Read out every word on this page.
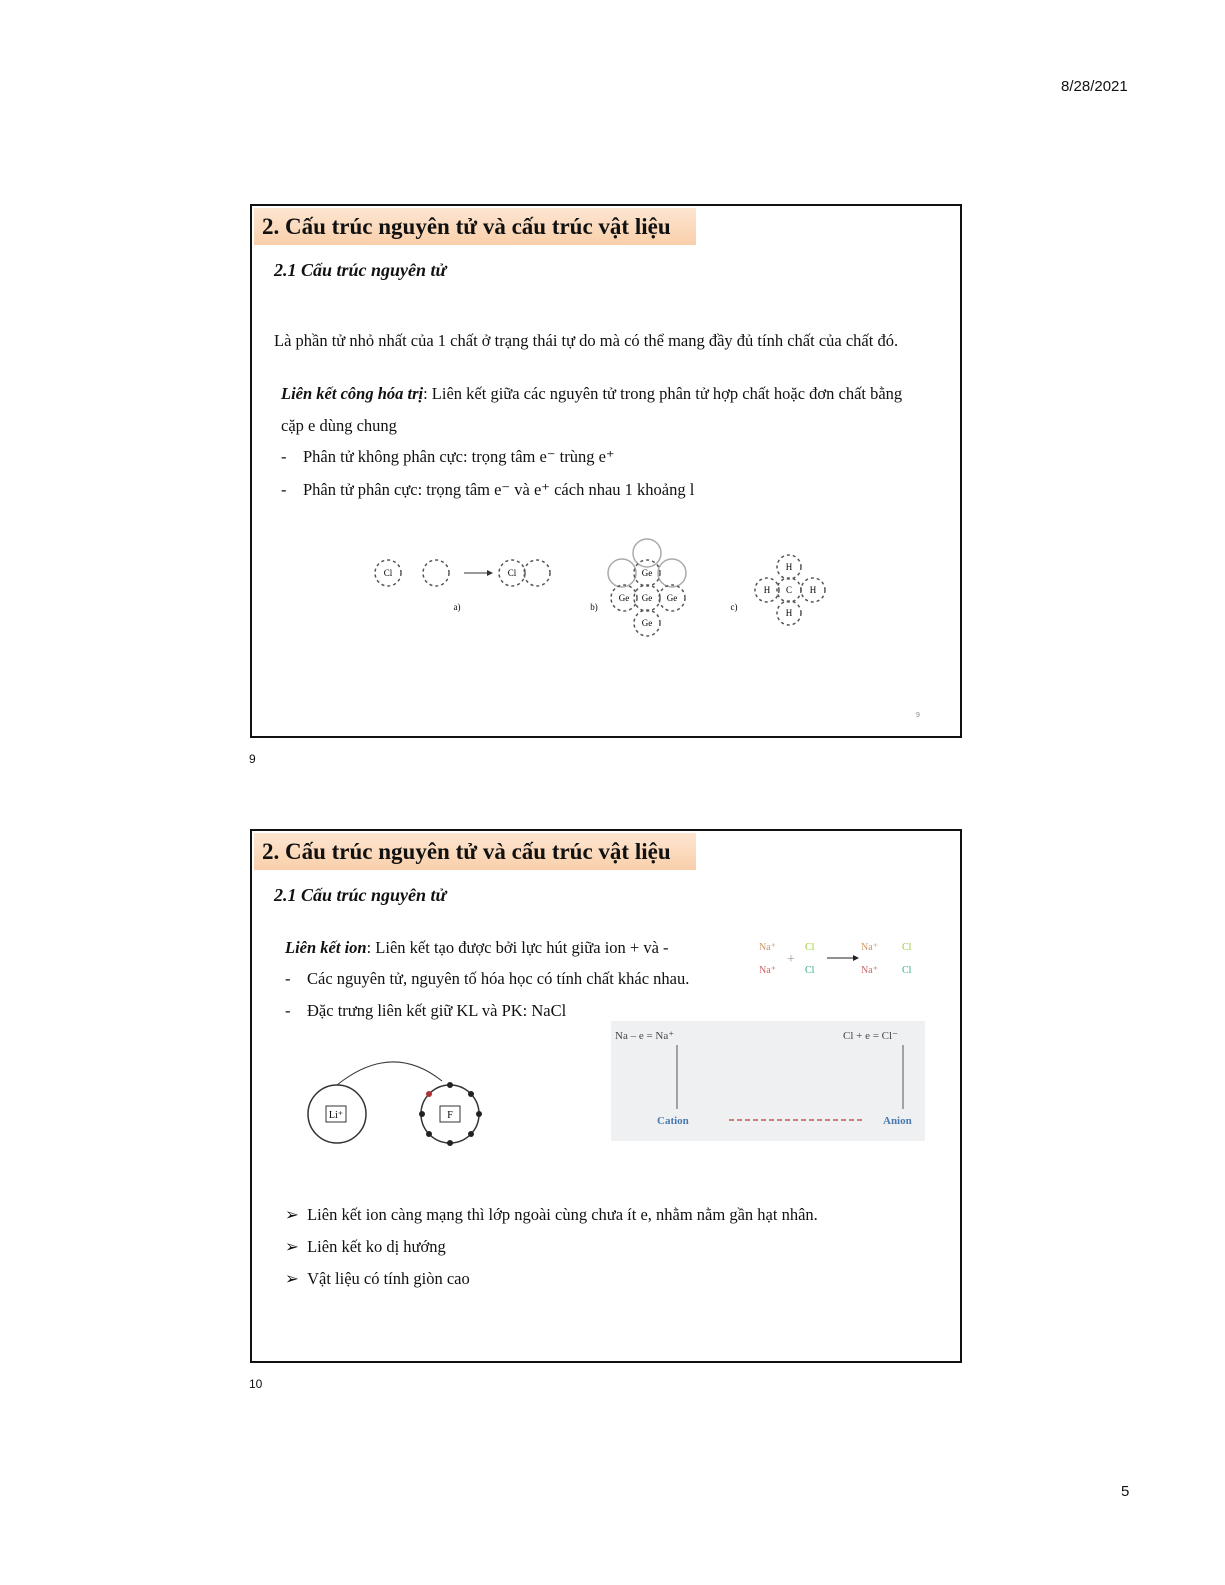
8/28/2021
2. Cấu trúc nguyên tử và cấu trúc vật liệu
2.1 Cấu trúc nguyên tử
Là phần tử nhỏ nhất của 1 chất ở trạng thái tự do mà có thể mang đầy đủ tính chất của chất đó.
Liên kết công hóa trị: Liên kết giữa các nguyên tử trong phân tử hợp chất hoặc đơn chất bằng
cặp e dùng chung
-    Phân tử không phân cực: trọng tâm e⁻ trùng e⁺
-    Phân tử phân cực: trọng tâm e⁻ và e⁺ cách nhau 1 khoảng l
Cl	Cl	Ge
Ge Ge Ge
Ge
H
H C H
H
a)	b)	c)
9
9
2. Cấu trúc nguyên tử và cấu trúc vật liệu
2.1 Cấu trúc nguyên tử
Liên kết ion: Liên kết tạo được bởi lực hút giữa ion + và -
-    Các nguyên tử, nguyên tố hóa học có tính chất khác nhau.
-    Đặc trưng liên kết giữ KL và PK: NaCl
Na⁺
Na⁺
Cl
Cl
Na⁺
Na⁺
Cl
Cl
+
Na – e = Na⁺	Cl + e = Cl⁻
Cation	Anion
Li⁺	F
➢  Liên kết ion càng mạng thì lớp ngoài cùng chưa ít e, nhằm nằm gần hạt nhân.
➢  Liên kết ko dị hướng
➢  Vật liệu có tính giòn cao
10
5
